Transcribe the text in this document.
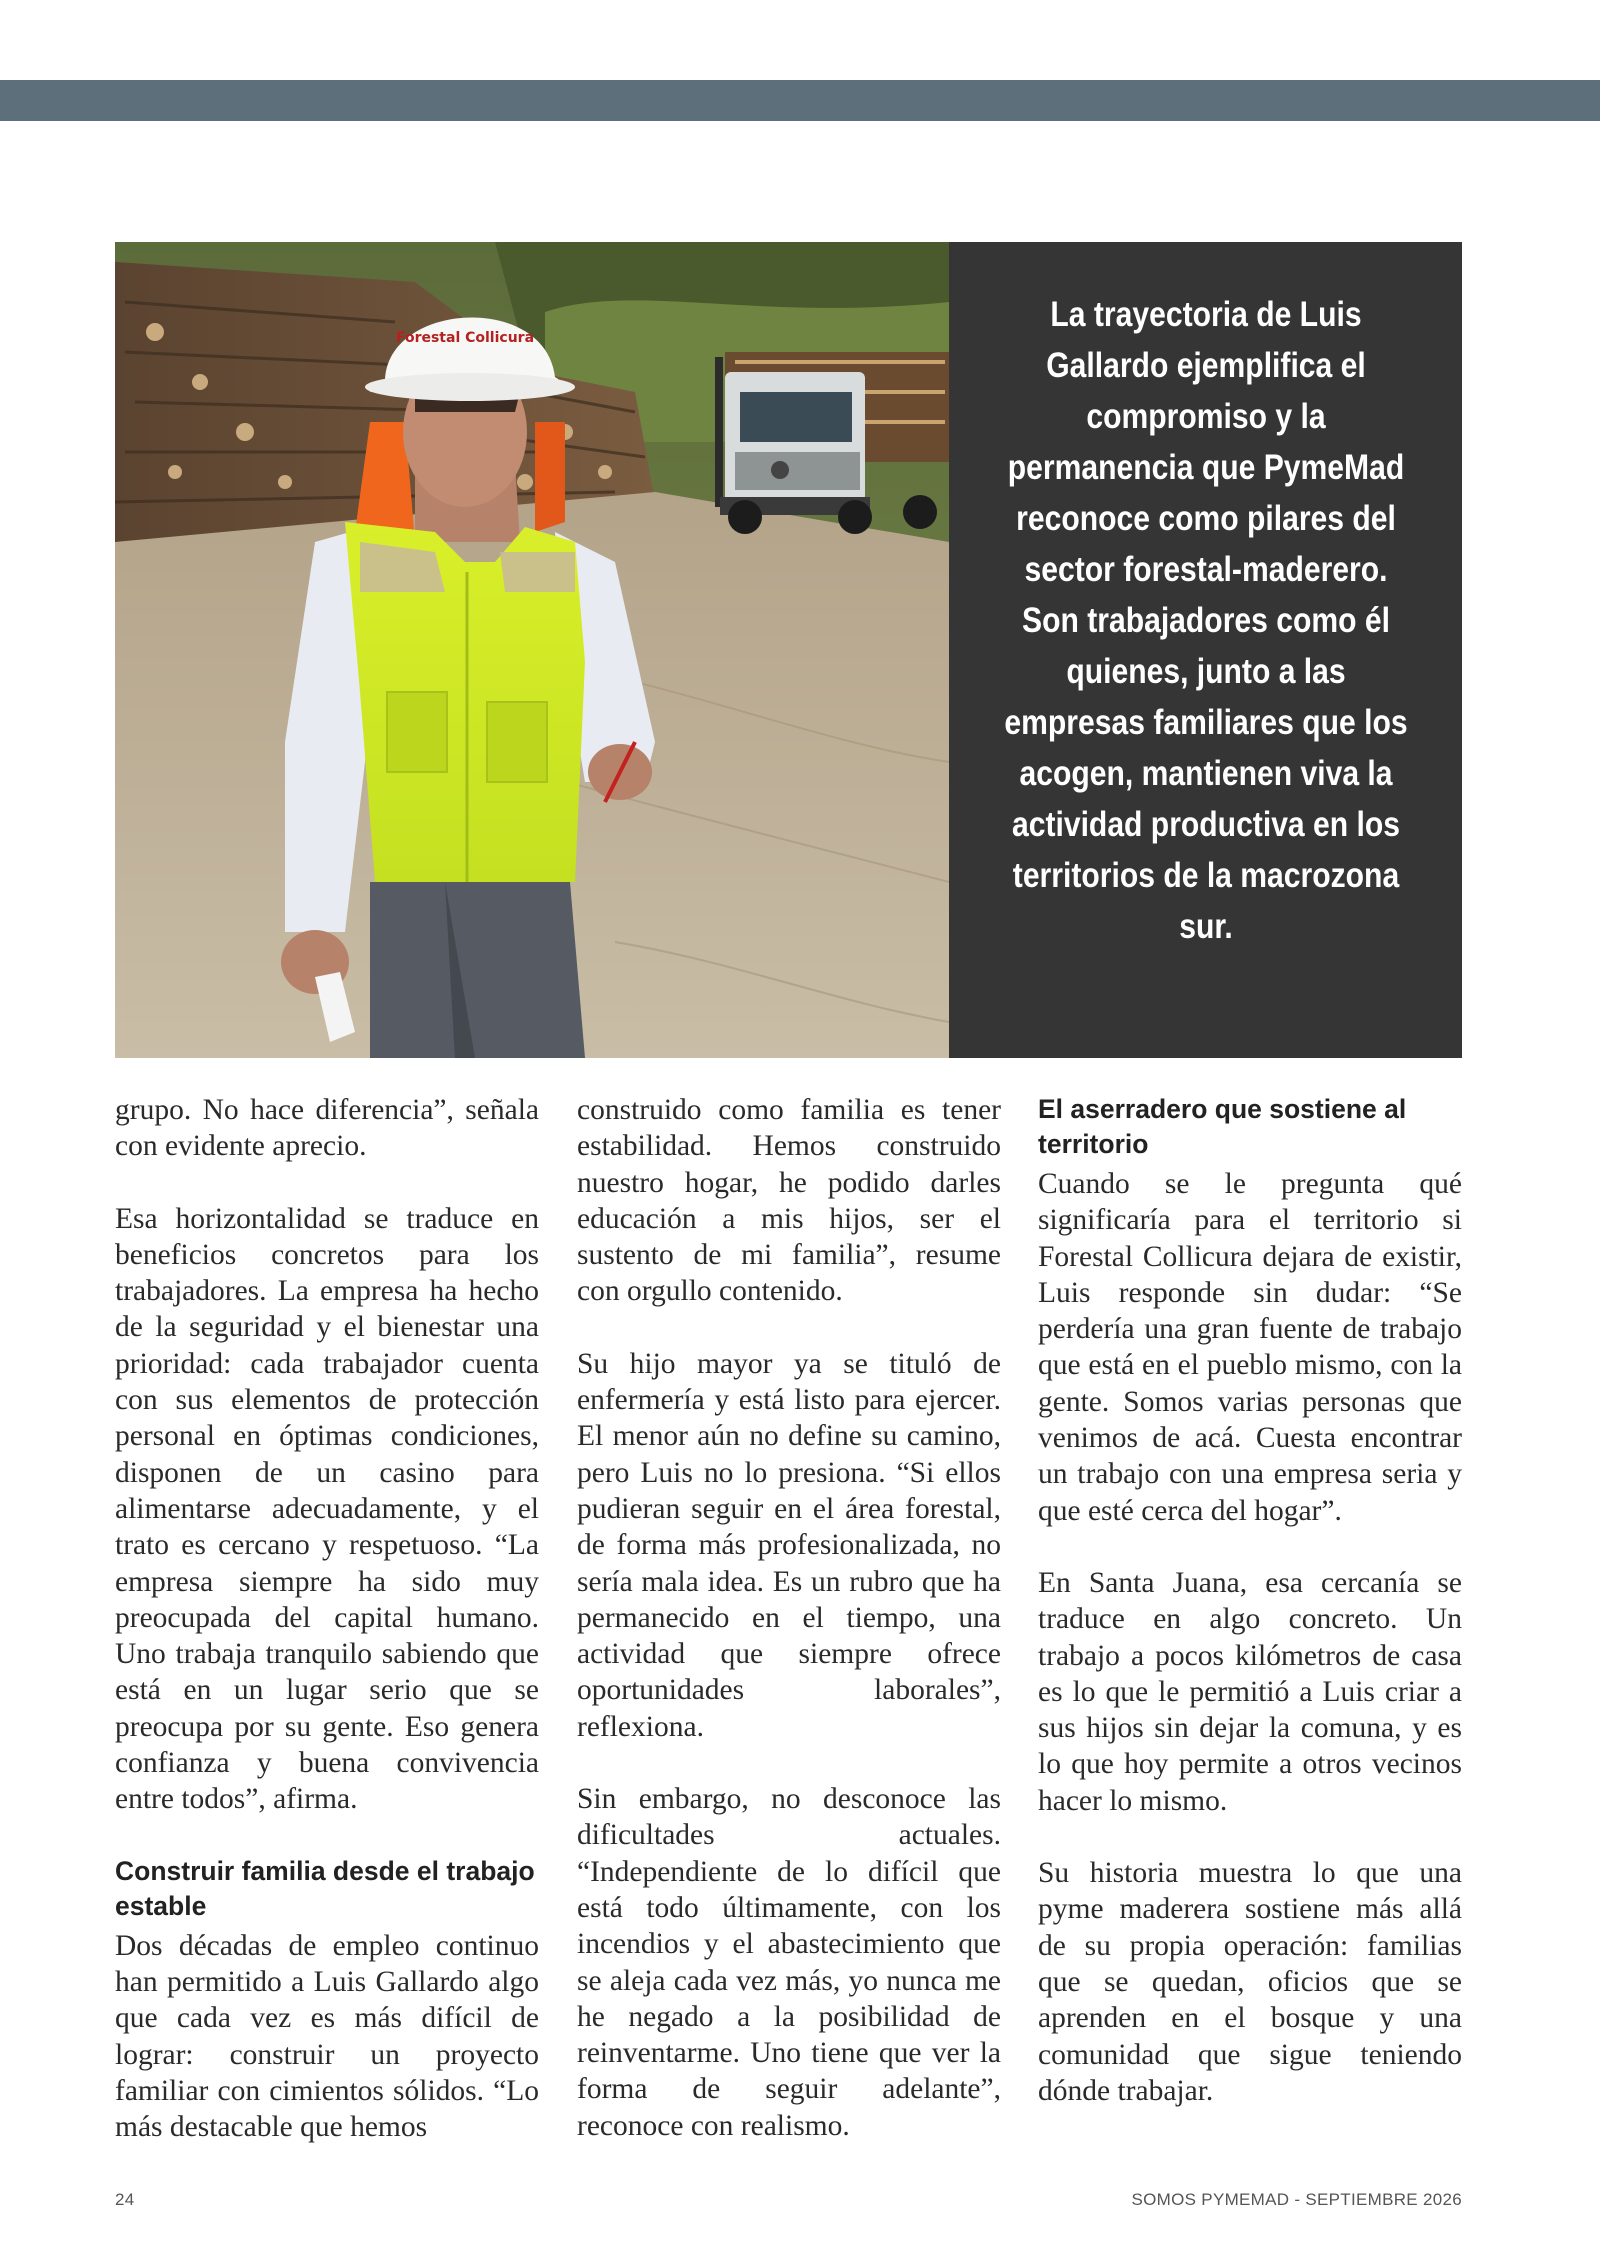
Forestal Collicura
La trayectoria de Luis Gallardo ejemplifica el compromiso y la permanencia que PymeMad reconoce como pilares del sector forestal-maderero. Son trabajadores como él quienes, junto a las empresas familiares que los acogen, mantienen viva la actividad productiva en los territorios de la macrozona sur.

grupo. No hace diferencia”, señala con evidente aprecio.

Esa horizontalidad se traduce en beneficios concretos para los trabajadores. La empresa ha hecho de la seguridad y el bienestar una prioridad: cada trabajador cuenta con sus elementos de protección personal en óptimas condiciones, disponen de un casino para alimentarse adecuadamente, y el trato es cercano y respetuoso. “La empresa siempre ha sido muy preocupada del capital humano. Uno trabaja tranquilo sabiendo que está en un lugar serio que se preocupa por su gente. Eso genera confianza y buena convivencia entre todos”, afirma.

Construir familia desde el trabajo estable

Dos décadas de empleo continuo han permitido a Luis Gallardo algo que cada vez es más difícil de lograr: construir un proyecto familiar con cimientos sólidos. “Lo más destacable que hemos

construido como familia es tener estabilidad. Hemos construido nuestro hogar, he podido darles educación a mis hijos, ser el sustento de mi familia”, resume con orgullo contenido.

Su hijo mayor ya se tituló de enfermería y está listo para ejercer. El menor aún no define su camino, pero Luis no lo presiona. “Si ellos pudieran seguir en el área forestal, de forma más profesionalizada, no sería mala idea. Es un rubro que ha permanecido en el tiempo, una actividad que siempre ofrece oportunidades laborales”, reflexiona.

Sin embargo, no desconoce las dificultades actuales. “Independiente de lo difícil que está todo últimamente, con los incendios y el abastecimiento que se aleja cada vez más, yo nunca me he negado a la posibilidad de reinventarme. Uno tiene que ver la forma de seguir adelante”, reconoce con realismo.

El aserradero que sostiene al territorio

Cuando se le pregunta qué significaría para el territorio si Forestal Collicura dejara de existir, Luis responde sin dudar: “Se perdería una gran fuente de trabajo que está en el pueblo mismo, con la gente. Somos varias personas que venimos de acá. Cuesta encontrar un trabajo con una empresa seria y que esté cerca del hogar”.

En Santa Juana, esa cercanía se traduce en algo concreto. Un trabajo a pocos kilómetros de casa es lo que le permitió a Luis criar a sus hijos sin dejar la comuna, y es lo que hoy permite a otros vecinos hacer lo mismo.

Su historia muestra lo que una pyme maderera sostiene más allá de su propia operación: familias que se quedan, oficios que se aprenden en el bosque y una comunidad que sigue teniendo dónde trabajar.

24	SOMOS PYMEMAD - SEPTIEMBRE 2026
